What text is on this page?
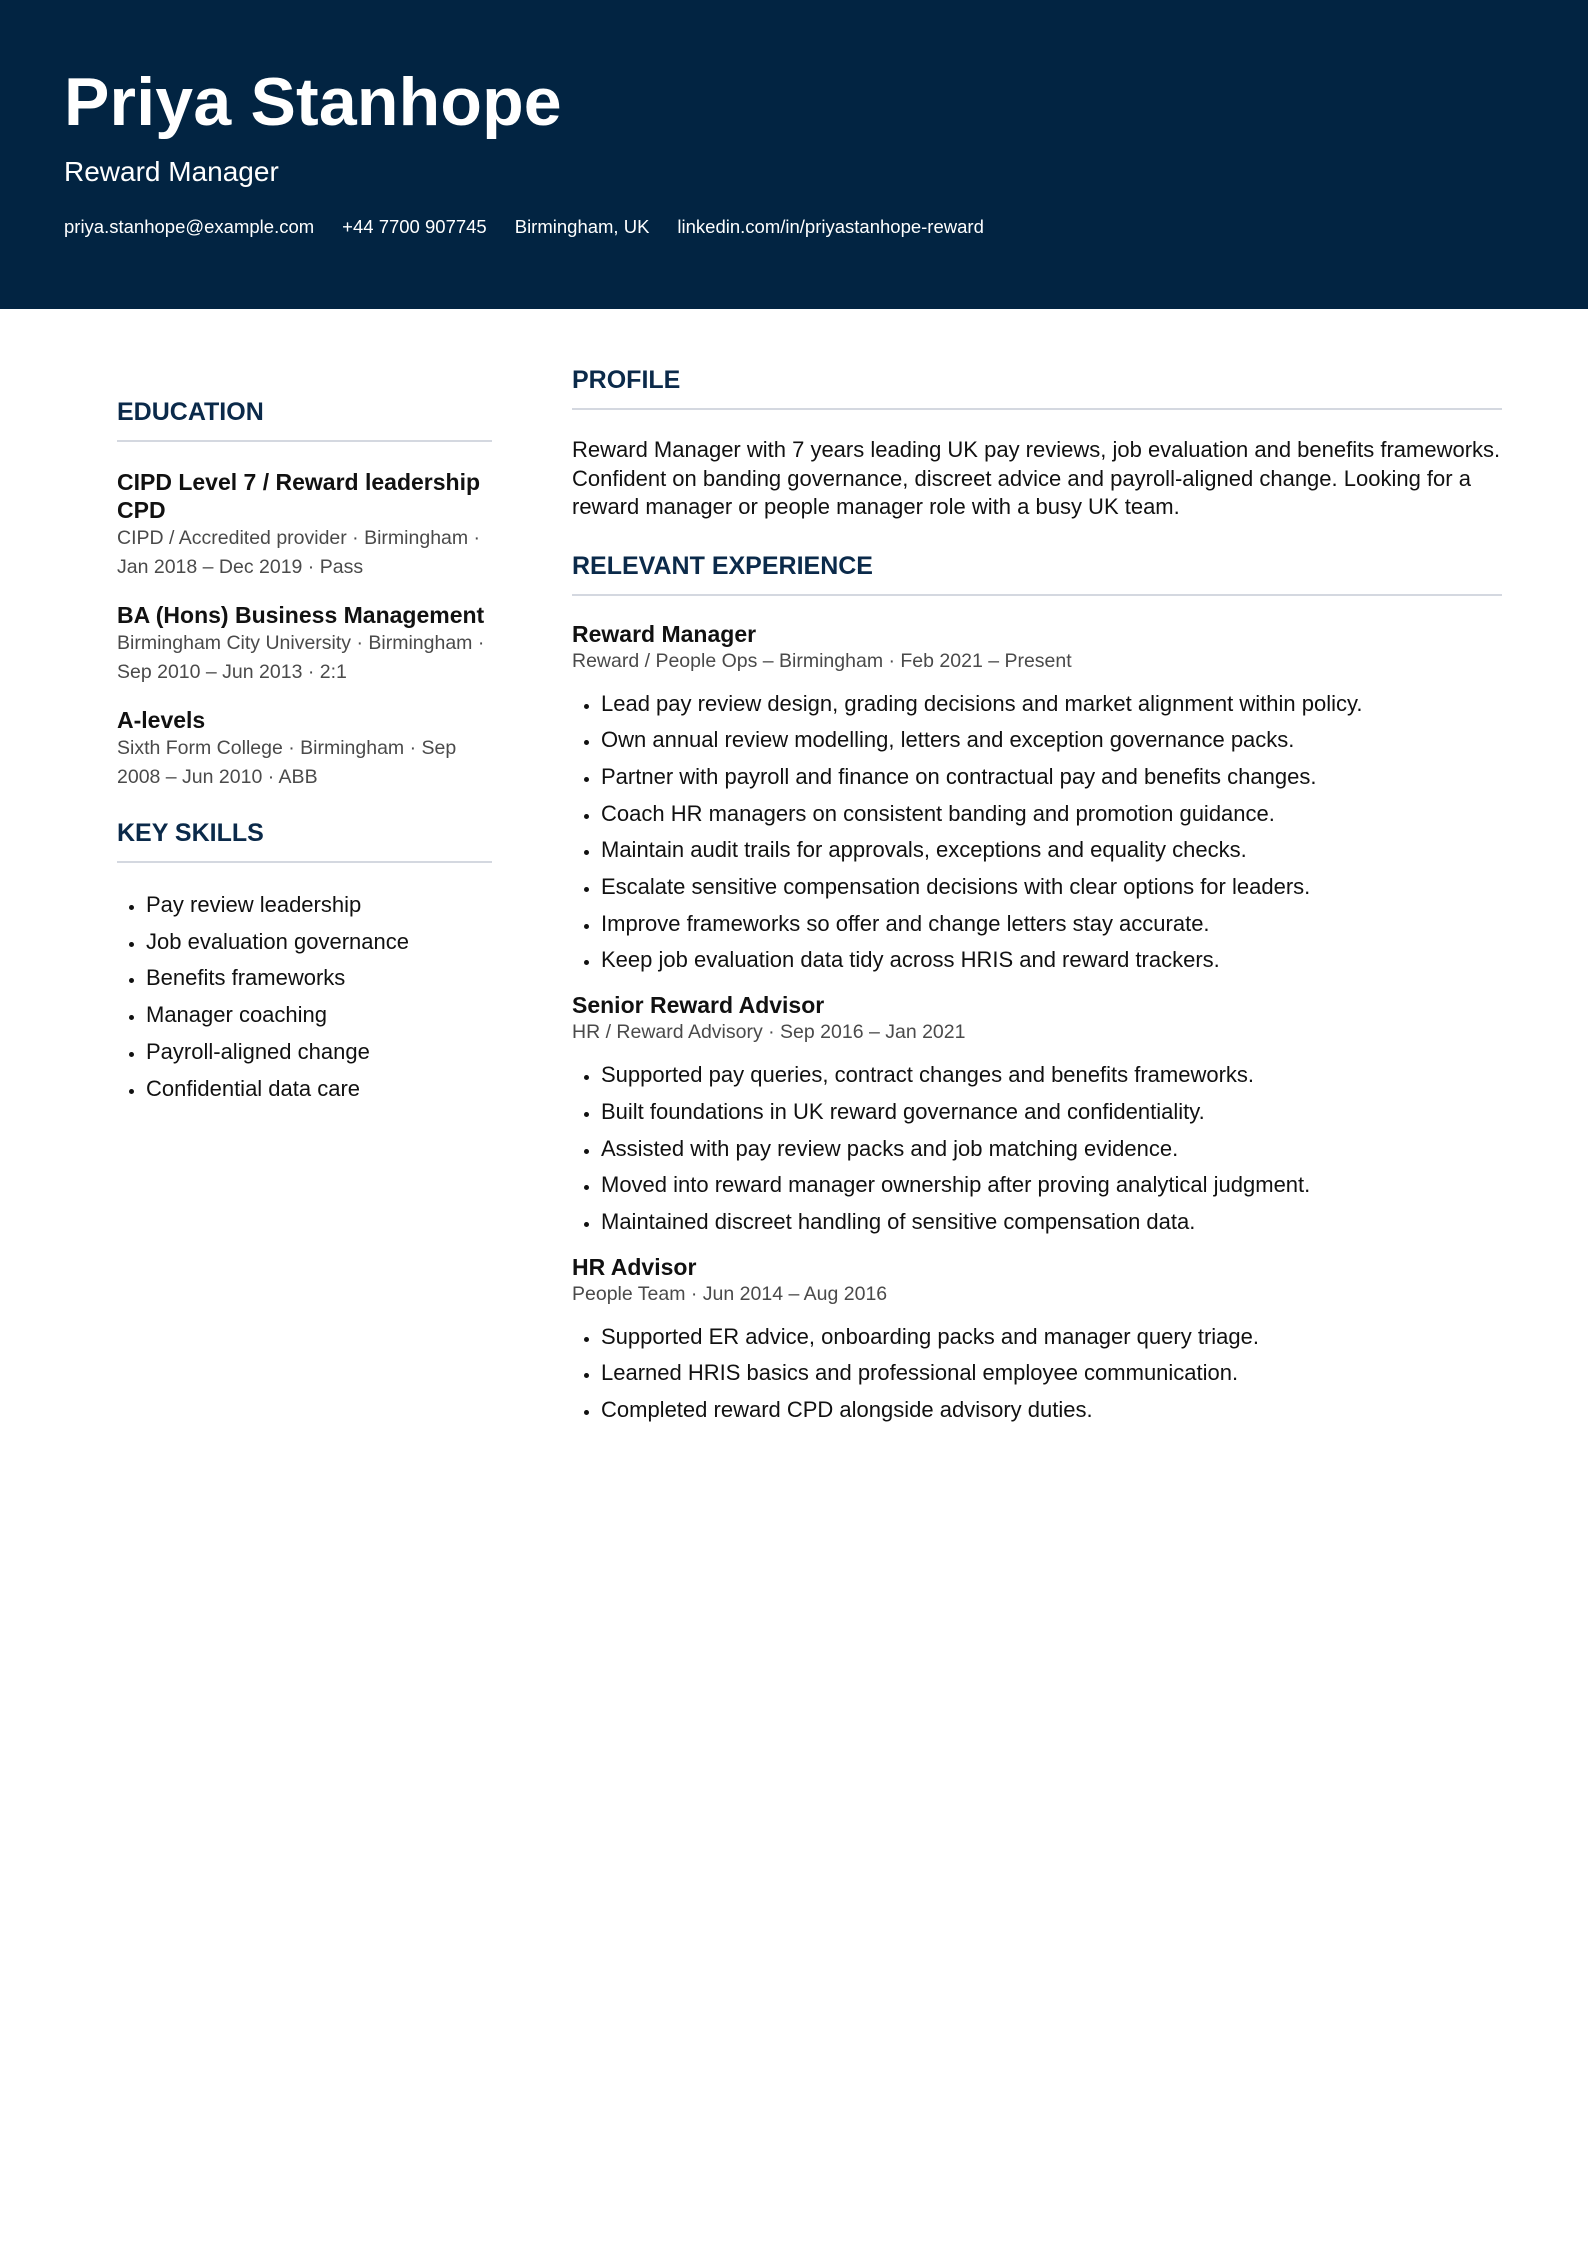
Priya Stanhope
Reward Manager
priya.stanhope@example.com +44 7700 907745 Birmingham, UK linkedin.com/in/priyastanhope-reward
EDUCATION
CIPD Level 7 / Reward leadership CPD
CIPD / Accredited provider · Birmingham · Jan 2018 – Dec 2019 · Pass
BA (Hons) Business Management
Birmingham City University · Birmingham · Sep 2010 – Jun 2013 · 2:1
A-levels
Sixth Form College · Birmingham · Sep 2008 – Jun 2010 · ABB
KEY SKILLS
• Pay review leadership
• Job evaluation governance
• Benefits frameworks
• Manager coaching
• Payroll-aligned change
• Confidential data care
PROFILE

Reward Manager with 7 years leading UK pay reviews, job evaluation and benefits frameworks. Confident on banding governance, discreet advice and payroll-aligned change. Looking for a reward manager or people manager role with a busy UK team.

RELEVANT EXPERIENCE
Reward Manager
Reward / People Ops – Birmingham · Feb 2021 – Present
• Lead pay review design, grading decisions and market alignment within policy.
• Own annual review modelling, letters and exception governance packs.
• Partner with payroll and finance on contractual pay and benefits changes.
• Coach HR managers on consistent banding and promotion guidance.
• Maintain audit trails for approvals, exceptions and equality checks.
• Escalate sensitive compensation decisions with clear options for leaders.
• Improve frameworks so offer and change letters stay accurate.
• Keep job evaluation data tidy across HRIS and reward trackers.
Senior Reward Advisor
HR / Reward Advisory · Sep 2016 – Jan 2021
• Supported pay queries, contract changes and benefits frameworks.
• Built foundations in UK reward governance and confidentiality.
• Assisted with pay review packs and job matching evidence.
• Moved into reward manager ownership after proving analytical judgment.
• Maintained discreet handling of sensitive compensation data.
HR Advisor
People Team · Jun 2014 – Aug 2016
• Supported ER advice, onboarding packs and manager query triage.
• Learned HRIS basics and professional employee communication.
• Completed reward CPD alongside advisory duties.
